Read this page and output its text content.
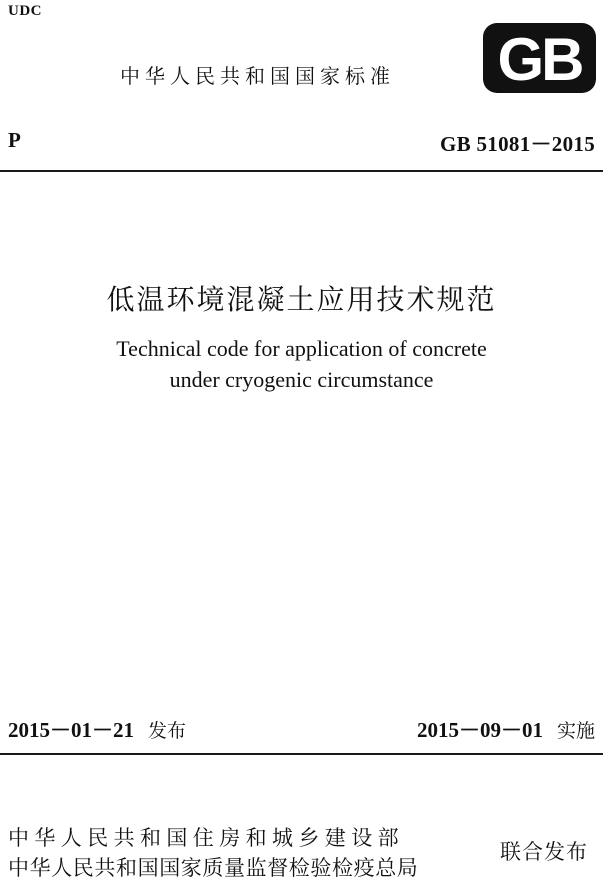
UDC
中华人民共和国国家标准 GB
P	GB 51081－2015
低温环境混凝土应用技术规范
Technical code for application of concrete
under cryogenic circumstance
2015－01－21 发布	2015－09－01 实施
中华人民共和国住房和城乡建设部
中华人民共和国国家质量监督检验检疫总局
联合发布
